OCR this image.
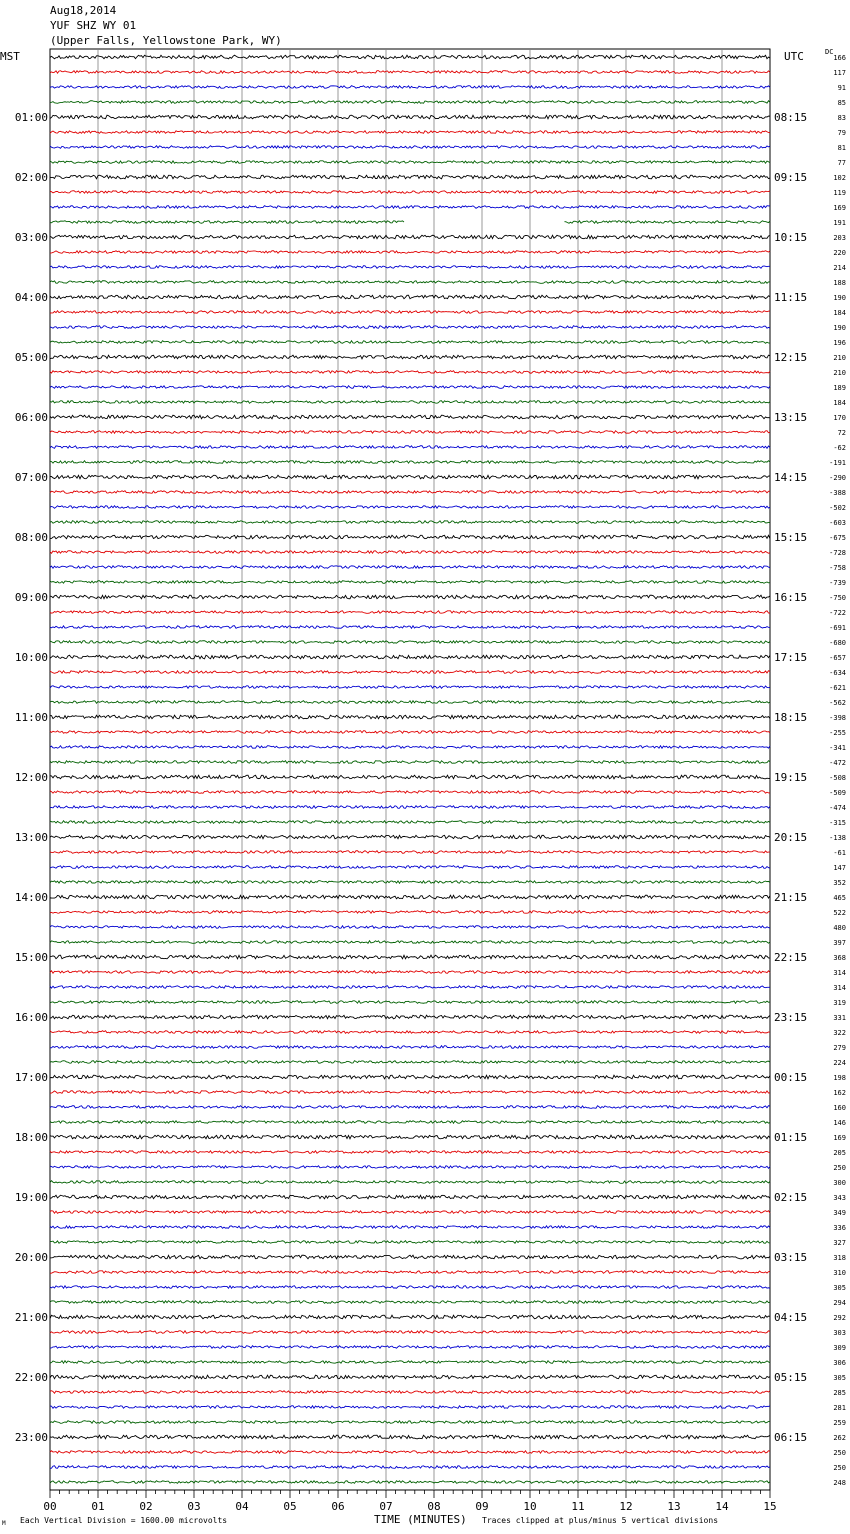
Aug18,2014
YUF SHZ WY 01
(Upper Falls, Yellowstone Park, WY)
MST	UTC	DC
166
117
91
85
83
79
81
77
102
119
169
191
203
220
214
188
190
184
190
196
210
210
189
184
170
72
-62
-191
-290
-388
-502
-603
-675
-728
-758
-739
-750
-722
-691
-680
-657
-634
-621
-562
-398
-255
-341
-472
-508
-509
-474
-315
-138
-61
147
352
465
522
480
397
368
314
314
319
331
322
279
224
198
162
160
146
169
205
250
300
343
349
336
327
318
310
305
294
292
303
309
306
305
285
281
259
262
250
250
248
01:00
02:00
03:00
04:00
05:00
06:00
07:00
08:00
09:00
10:00
11:00
12:00
13:00
14:00
15:00
16:00
17:00
18:00
19:00
20:00
21:00
22:00
23:00
08:15
09:15
10:15
11:15
12:15
13:15
14:15
15:15
16:15
17:15
18:15
19:15
20:15
21:15
22:15
23:15
00:15
01:15
02:15
03:15
04:15
05:15
06:15
00	01	02	03	04	05	06	07	08	09	10	11	12	13	14	15
M Each Vertical Division = 1600.00 microvolts	TIME (MINUTES) Traces clipped at plus/minus 5 vertical divisions
